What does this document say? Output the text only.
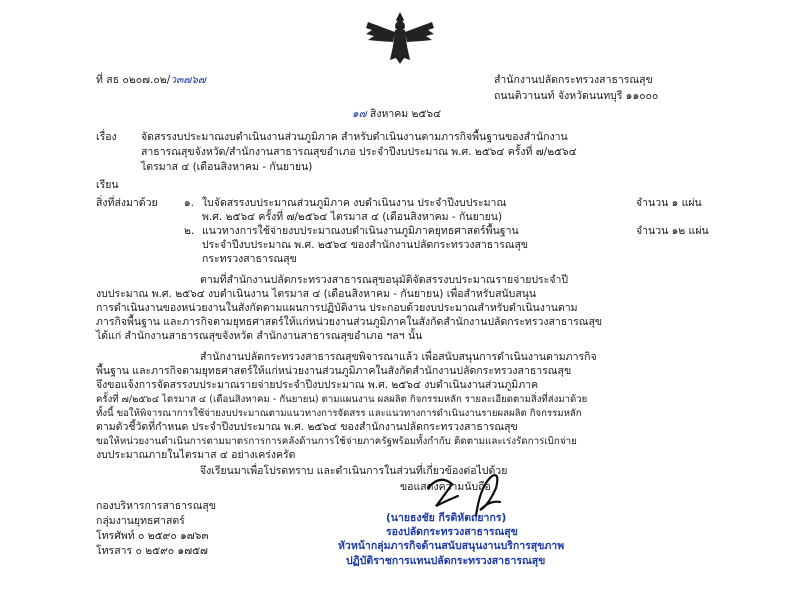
ที่ สธ ๐๒๐๗.๐๒/ว๓๗๖๗	สำนักงานปลัดกระทรวงสาธารณสุข
ถนนติวานนท์ จังหวัดนนทบุรี ๑๑๐๐๐
๑๗ สิงหาคม ๒๕๖๔
เรื่อง จัดสรรงบประมาณงบดำเนินงานส่วนภูมิภาค สำหรับดำเนินงานตามภารกิจพื้นฐานของสำนักงาน
สาธารณสุขจังหวัด/สำนักงานสาธารณสุขอำเภอ ประจำปีงบประมาณ พ.ศ. ๒๕๖๔ ครั้งที่ ๗/๒๕๖๔
ไตรมาส ๔ (เดือนสิงหาคม - กันยายน)
เรียน
สิ่งที่ส่งมาด้วย	๑. ใบจัดสรรงบประมาณส่วนภูมิภาค งบดำเนินงาน ประจำปีงบประมาณ
พ.ศ. ๒๕๖๔ ครั้งที่ ๗/๒๕๖๔ ไตรมาส ๔ (เดือนสิงหาคม - กันยายน)
จำนวน ๑ แผ่น
๒. แนวทางการใช้จ่ายงบประมาณงบดำเนินงานภูมิภาคยุทธศาสตร์พื้นฐาน
ประจำปีงบประมาณ พ.ศ. ๒๕๖๔ ของสำนักงานปลัดกระทรวงสาธารณสุข
กระทรวงสาธารณสุข
จำนวน ๑๒ แผ่น
ตามที่สำนักงานปลัดกระทรวงสาธารณสุขอนุมัติจัดสรรงบประมาณรายจ่ายประจำปี
งบประมาณ พ.ศ. ๒๕๖๔ งบดำเนินงาน ไตรมาส ๔ (เดือนสิงหาคม - กันยายน) เพื่อสำหรับสนับสนุน
การดำเนินงานของหน่วยงานในสังกัดตามแผนการปฏิบัติงาน ประกอบด้วยงบประมาณสำหรับดำเนินงานตาม
ภารกิจพื้นฐาน และภารกิจตามยุทธศาสตร์ให้แก่หน่วยงานส่วนภูมิภาคในสังกัดสำนักงานปลัดกระทรวงสาธารณสุข
ได้แก่ สำนักงานสาธารณสุขจังหวัด สำนักงานสาธารณสุขอำเภอ ฯลฯ นั้น
สำนักงานปลัดกระทรวงสาธารณสุขพิจารณาแล้ว เพื่อสนับสนุนการดำเนินงานตามภารกิจ
พื้นฐาน และภารกิจตามยุทธศาสตร์ให้แก่หน่วยงานส่วนภูมิภาคในสังกัดสำนักงานปลัดกระทรวงสาธารณสุข
จึงขอแจ้งการจัดสรรงบประมาณรายจ่ายประจำปีงบประมาณ พ.ศ. ๒๕๖๔ งบดำเนินงานส่วนภูมิภาค
ครั้งที่ ๗/๒๕๖๔ ไตรมาส ๔ (เดือนสิงหาคม - กันยายน) ตามแผนงาน ผลผลิต กิจกรรมหลัก รายละเอียดตามสิ่งที่ส่งมาด้วย
ทั้งนี้ ขอให้พิจารณาการใช้จ่ายงบประมาณตามแนวทางการจัดสรร และแนวทางการดำเนินงานรายผลผลิต กิจกรรมหลัก
ตามตัวชี้วัดที่กำหนด ประจำปีงบประมาณ พ.ศ. ๒๕๖๔ ของสำนักงานปลัดกระทรวงสาธารณสุข
ขอให้หน่วยงานดำเนินการตามมาตรการการคลังด้านการใช้จ่ายภาครัฐพร้อมทั้งกำกับ ติดตามและเร่งรัดการเบิกจ่าย
งบประมาณภายในไตรมาส ๔ อย่างเคร่งครัด
จึงเรียนมาเพื่อโปรดทราบ และดำเนินการในส่วนที่เกี่ยวข้องต่อไปด้วย
ขอแสดงความนับถือ
(นายธงชัย กีรติหัตถยากร)
รองปลัดกระทรวงสาธารณสุข
หัวหน้ากลุ่มภารกิจด้านสนับสนุนงานบริการสุขภาพ
ปฏิบัติราชการแทนปลัดกระทรวงสาธารณสุข
กองบริหารการสาธารณสุข
กลุ่มงานยุทธศาสตร์
โทรศัพท์ ๐ ๒๕๙๐ ๑๗๖๓
โทรสาร ๐ ๒๕๙๐ ๑๗๕๗
